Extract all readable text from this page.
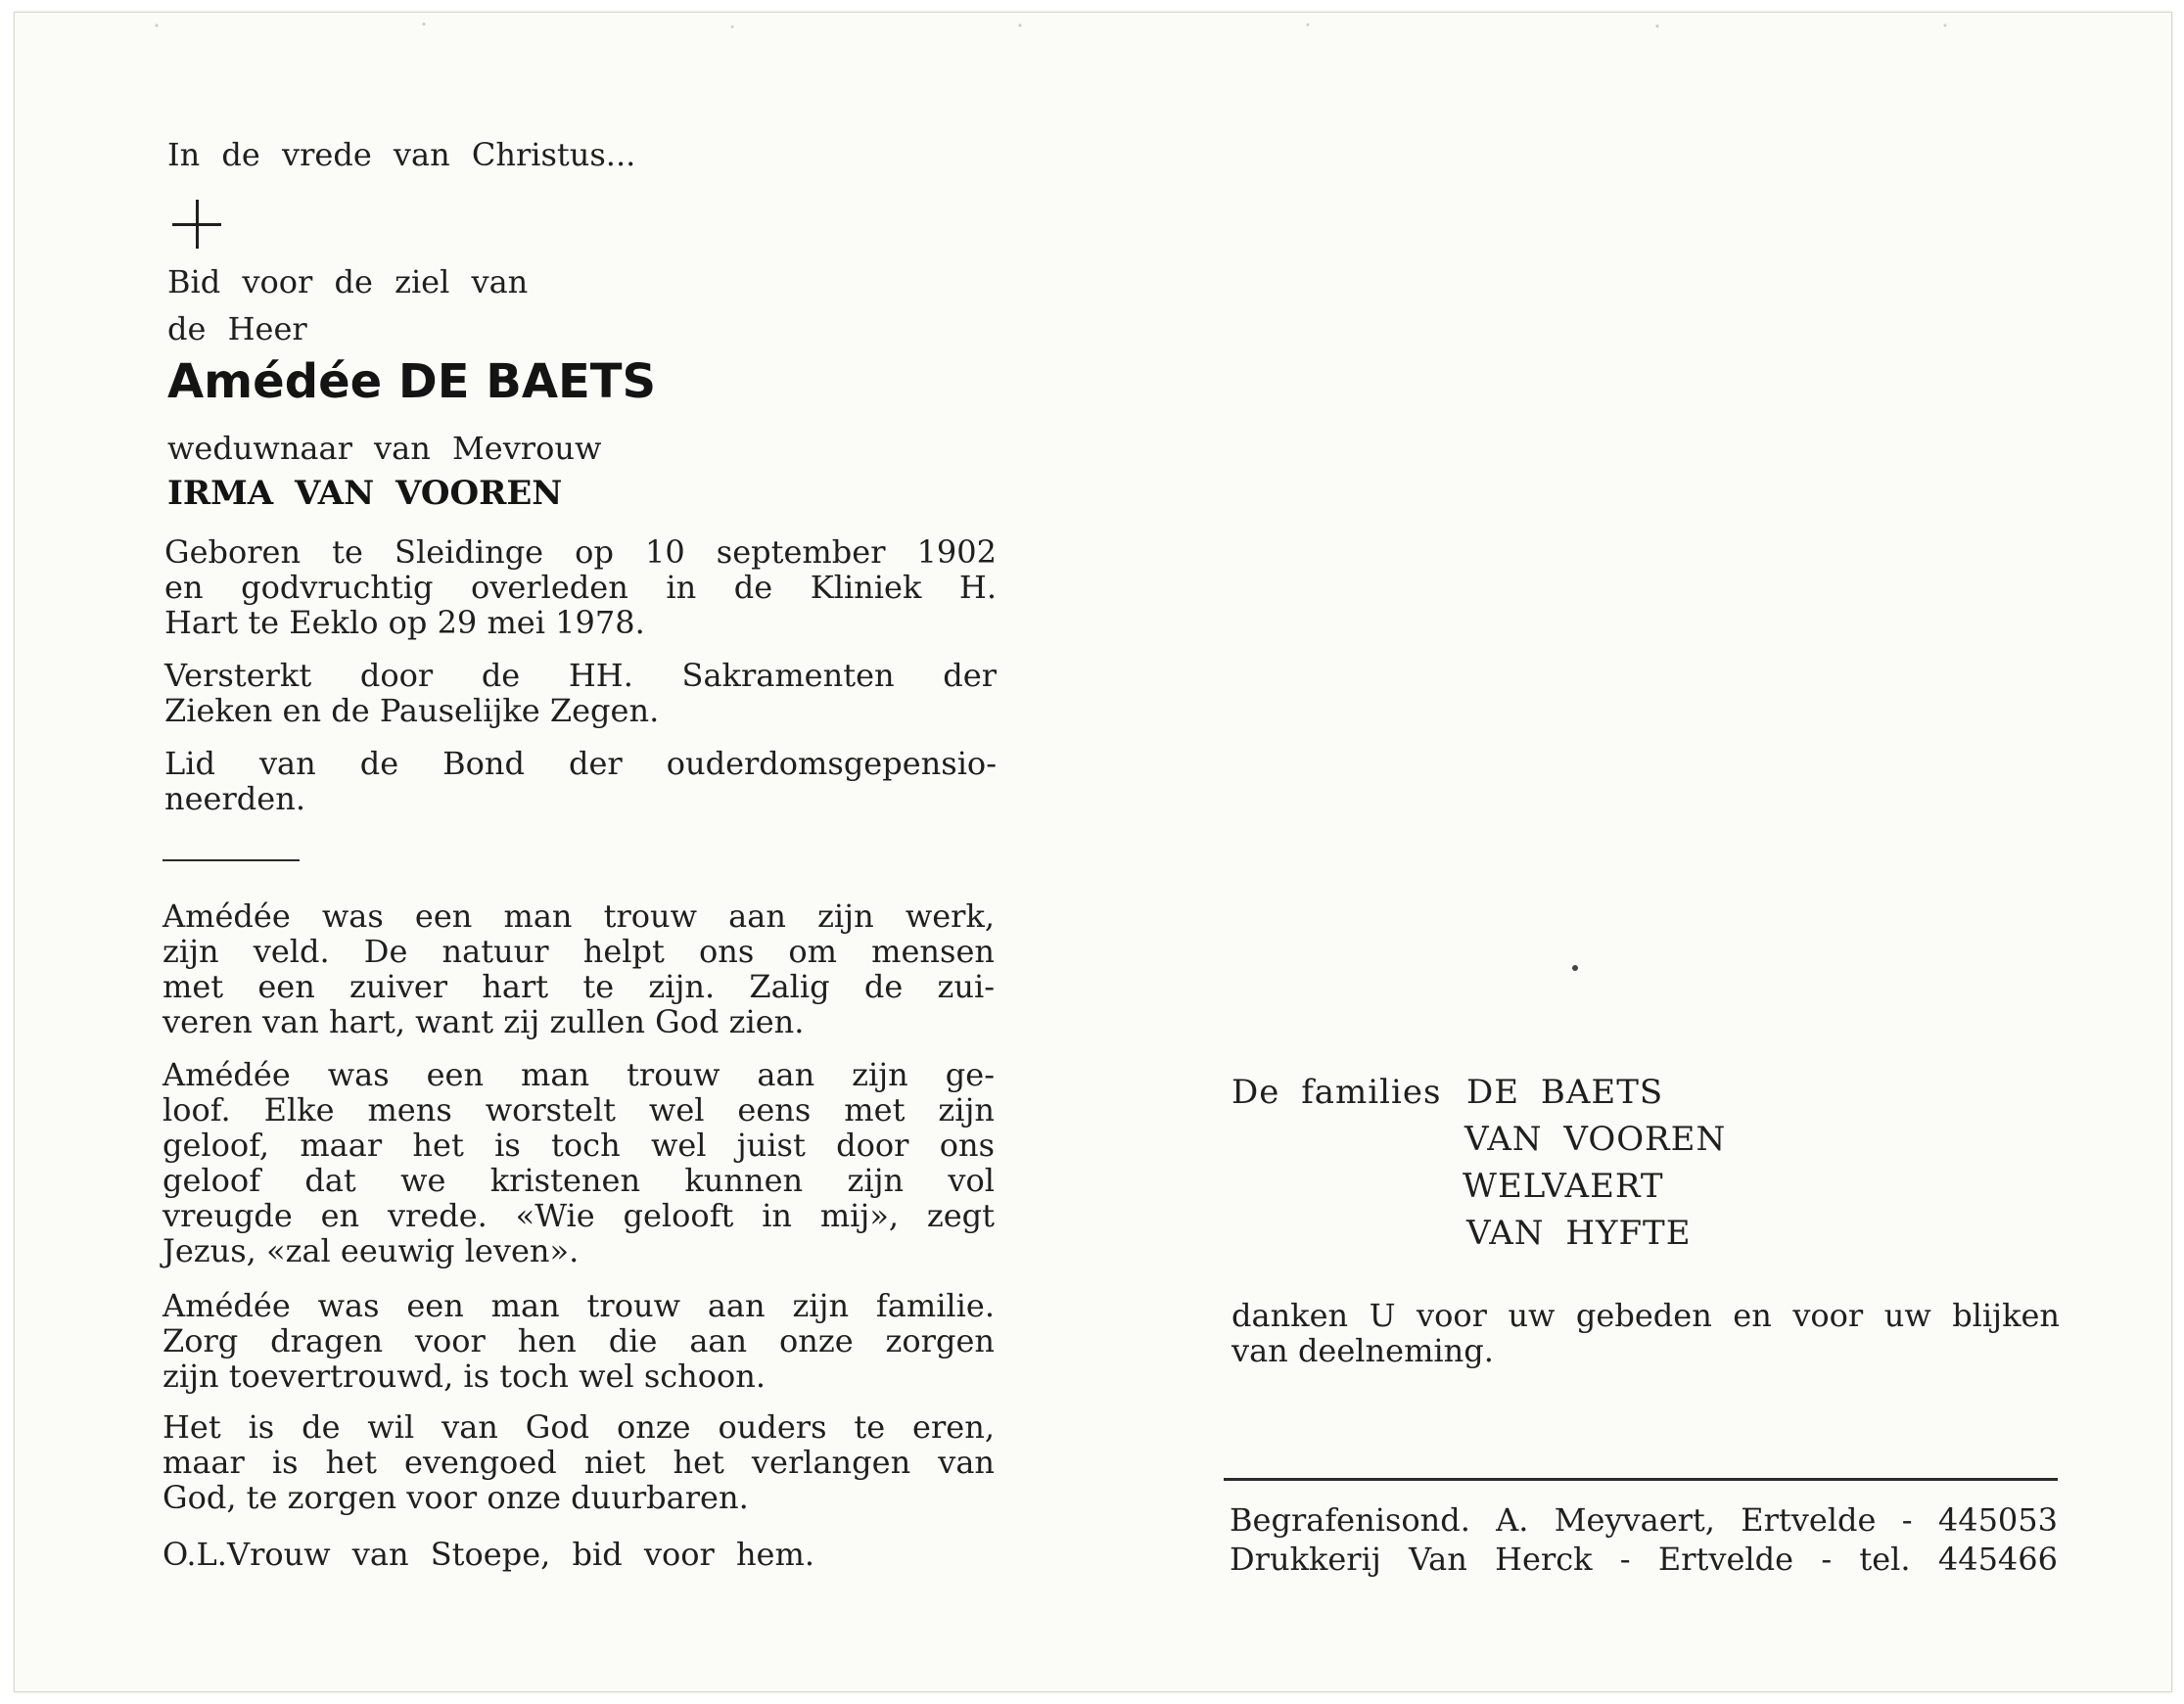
In de vrede van Christus...
Bid voor de ziel van
de Heer
Amédée DE BAETS
weduwnaar van Mevrouw
IRMA VAN VOOREN
Geboren te Sleidinge op 10 september 1902
en godvruchtig overleden in de Kliniek H.
Hart te Eeklo op 29 mei 1978.
Versterkt door de HH. Sakramenten der
Zieken en de Pauselijke Zegen.
Lid van de Bond der ouderdomsgepensio-
neerden.
Amédée was een man trouw aan zijn werk,
zijn veld. De natuur helpt ons om mensen
met een zuiver hart te zijn. Zalig de zui-
veren van hart, want zij zullen God zien.
Amédée was een man trouw aan zijn ge-
loof. Elke mens worstelt wel eens met zijn
geloof, maar het is toch wel juist door ons
geloof dat we kristenen kunnen zijn vol
vreugde en vrede. «Wie gelooft in mij», zegt
Jezus, «zal eeuwig leven».
Amédée was een man trouw aan zijn familie.
Zorg dragen voor hen die aan onze zorgen
zijn toevertrouwd, is toch wel schoon.
Het is de wil van God onze ouders te eren,
maar is het evengoed niet het verlangen van
God, te zorgen voor onze duurbaren.
O.L.Vrouw van Stoepe, bid voor hem.
De families DE BAETS
VAN VOOREN
WELVAERT
VAN HYFTE
danken U voor uw gebeden en voor uw blijken
van deelneming.
Begrafenisond. A. Meyvaert, Ertvelde - 445053
Drukkerij Van Herck - Ertvelde - tel. 445466
